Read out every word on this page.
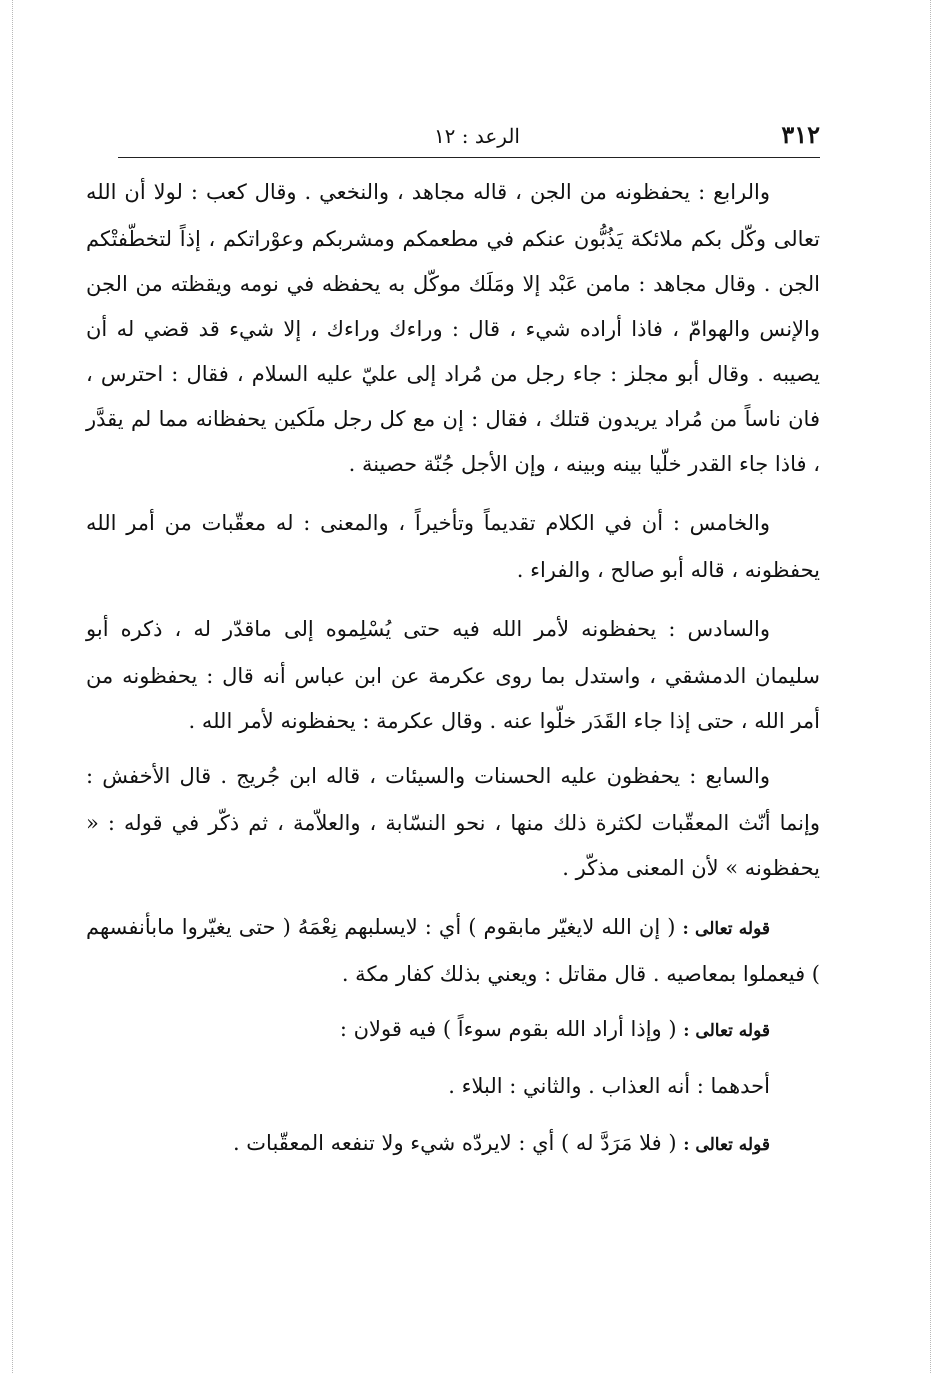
٣١٢
الرعد : ١٢

والرابع : يحفظونه من الجن ، قاله مجاهد ، والنخعي . وقال كعب : لولا أن الله تعالى وكّل بكم ملائكة يَذُبُّون عنكم في مطعمكم ومشربكم وعوْراتكم ، إذاً لتخطّفتْكم الجن . وقال مجاهد : مامن عَبْد إلا ومَلَك موكّل به يحفظه في نومه ويقظته من الجن والإنس والهوامّ ، فاذا أراده شيء ، قال : وراءك وراءك ، إلا شيء قد قضي له أن يصيبه . وقال أبو مجلز : جاء رجل من مُراد إلى عليّ عليه السلام ، فقال : احترس ، فان ناساً من مُراد يريدون قتلك ، فقال : إن مع كل رجل ملَكين يحفظانه مما لم يقدَّر ، فاذا جاء القدر خلّيا بينه وبينه ، وإن الأجل جُنّة حصينة .

والخامس : أن في الكلام تقديماً وتأخيراً ، والمعنى : له معقّبات من أمر الله يحفظونه ، قاله أبو صالح ، والفراء .

والسادس : يحفظونه لأمر الله فيه حتى يُسْلِموه إلى ماقدّر له ، ذكره أبو سليمان الدمشقي ، واستدل بما روى عكرمة عن ابن عباس أنه قال : يحفظونه من أمر الله ، حتى إذا جاء القَدَر خلّوا عنه . وقال عكرمة : يحفظونه لأمر الله .

والسابع : يحفظون عليه الحسنات والسيئات ، قاله ابن جُريج . قال الأخفش : وإنما أنّث المعقّبات لكثرة ذلك منها ، نحو النسّابة ، والعلاّمة ، ثم ذكّر في قوله : « يحفظونه » لأن المعنى مذكّر .

قوله تعالى : ( إن الله لايغيّر مابقوم ) أي : لايسلبهم نِعْمَهُ ( حتى يغيّروا مابأنفسهم ) فيعملوا بمعاصيه . قال مقاتل : ويعني بذلك كفار مكة .

قوله تعالى : ( وإذا أراد الله بقوم سوءاً ) فيه قولان :

أحدهما : أنه العذاب . والثاني : البلاء .

قوله تعالى : ( فلا مَرَدَّ له ) أي : لايردّه شيء ولا تنفعه المعقّبات .
